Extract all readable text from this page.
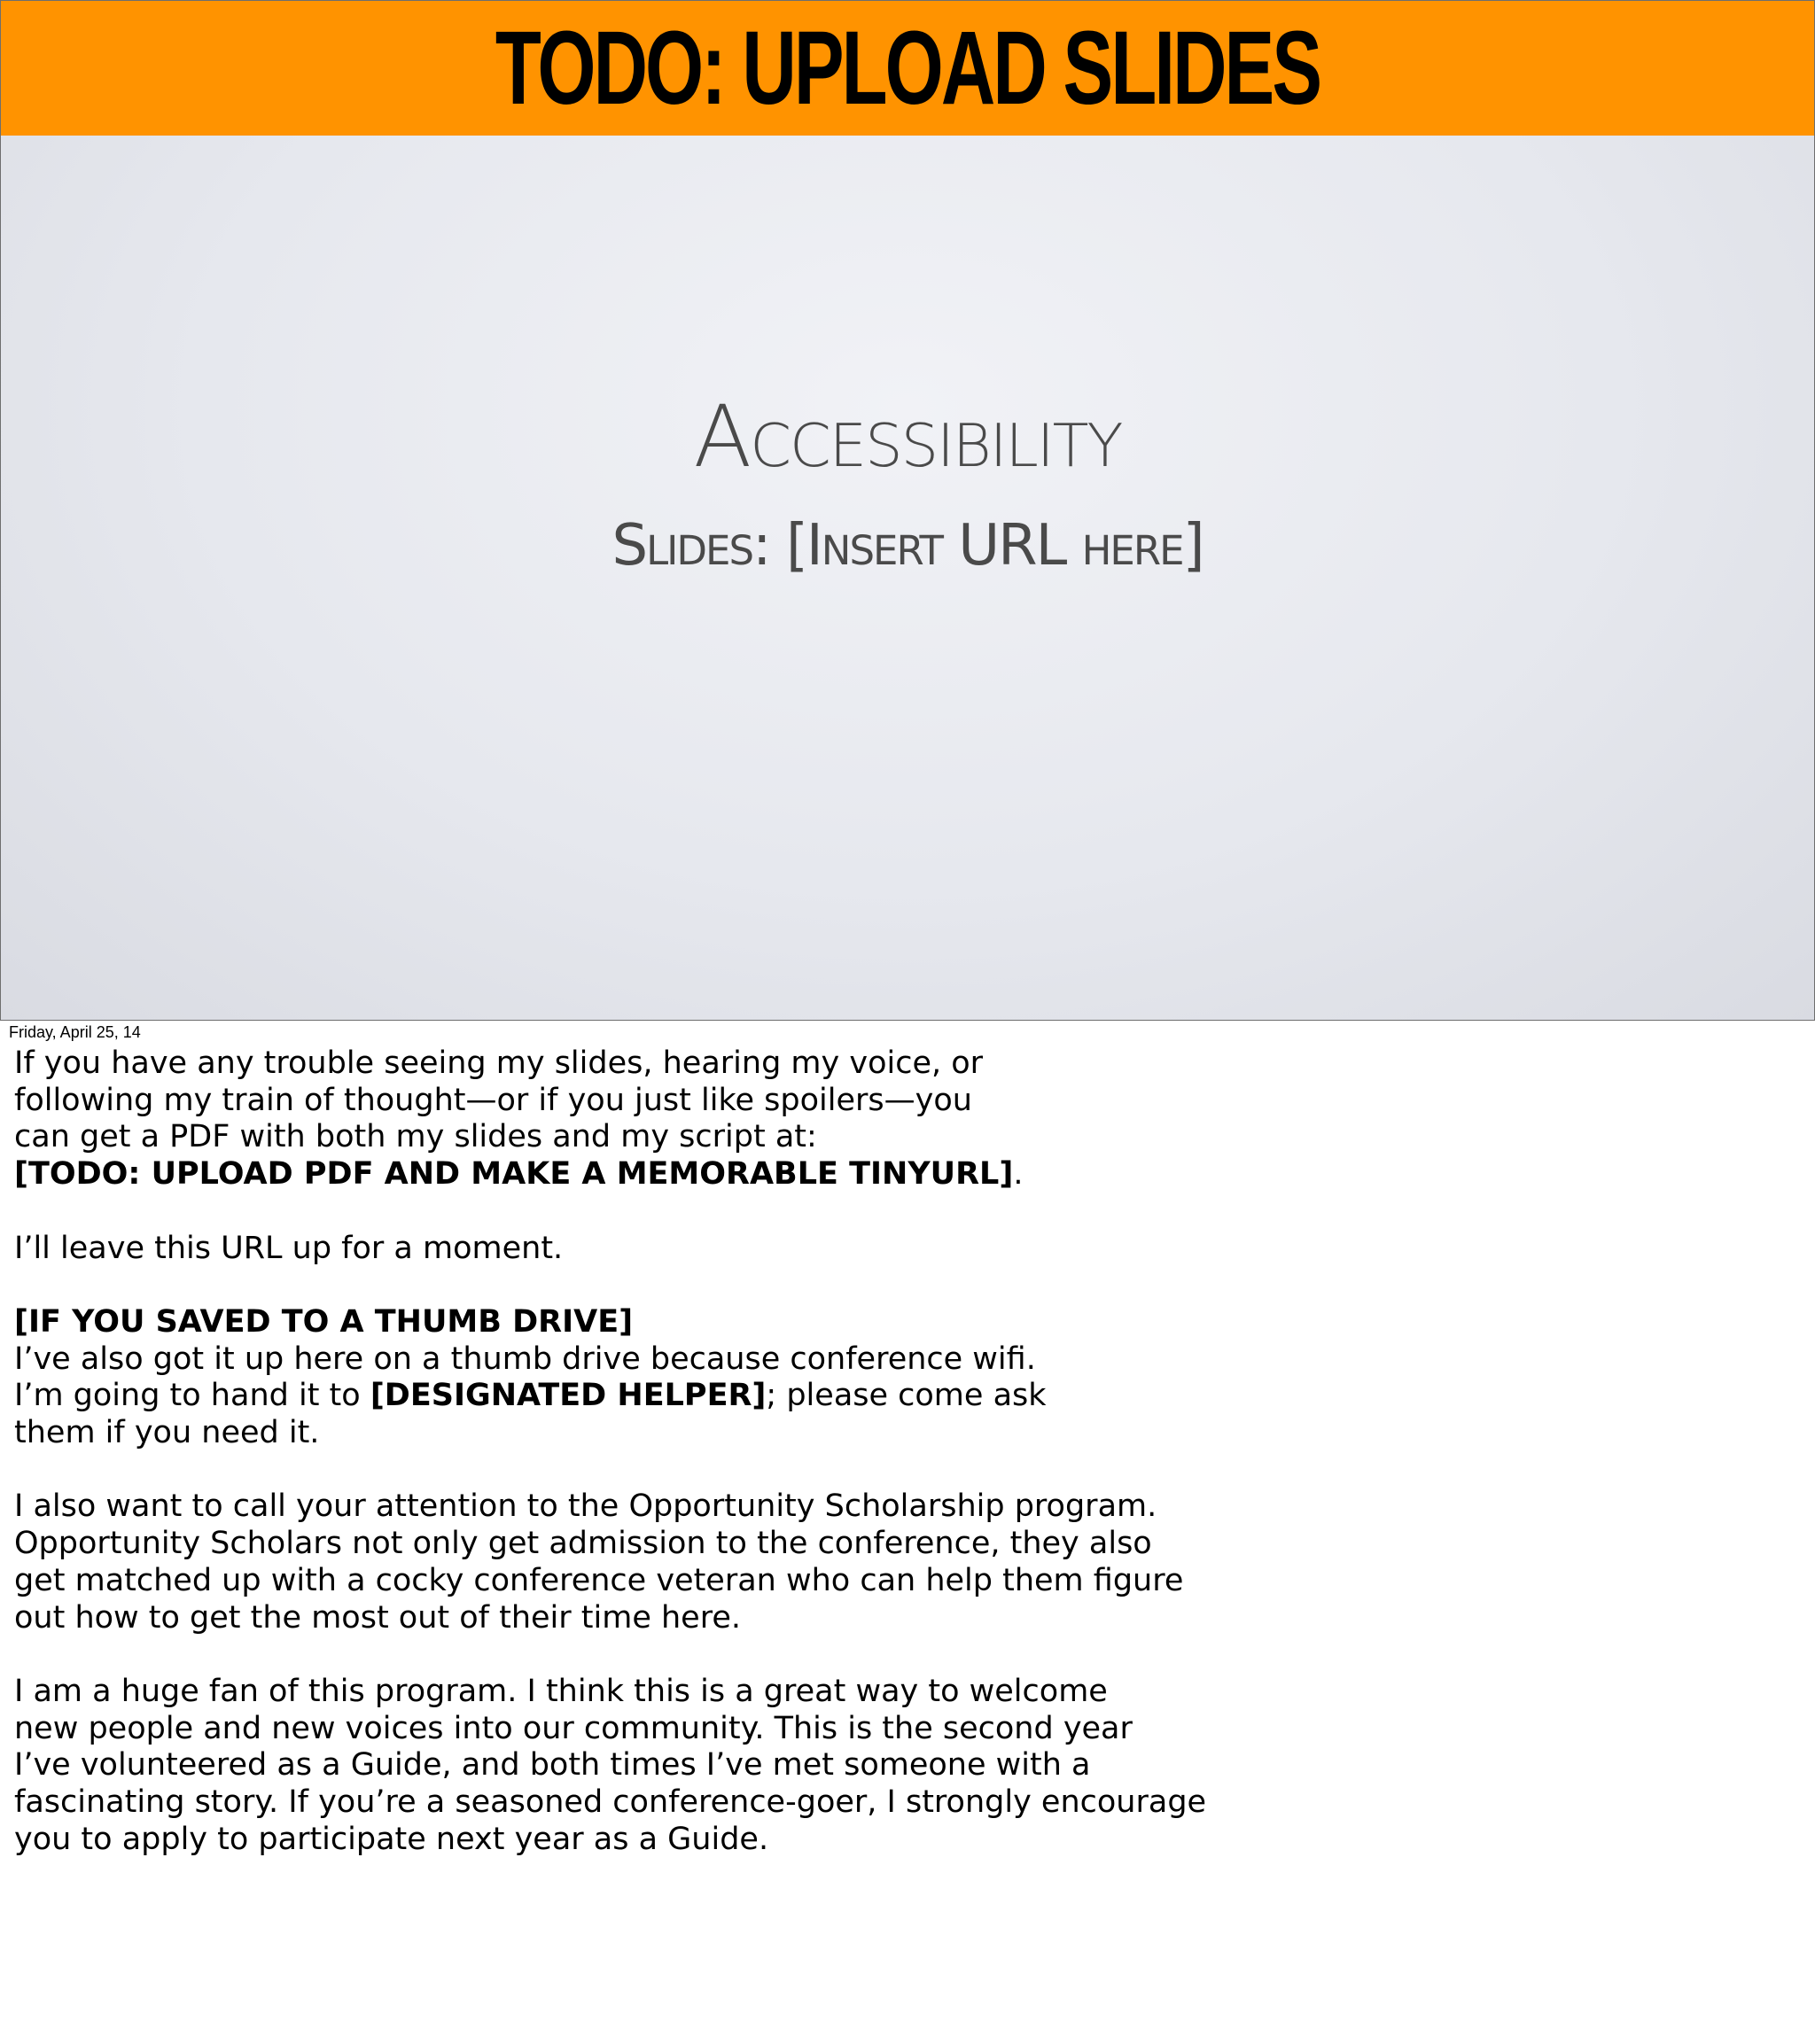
TODO: UPLOAD SLIDES
Accessibility
Slides: [Insert URL here]
Friday, April 25, 14

If you have any trouble seeing my slides, hearing my voice, or
following my train of thought—or if you just like spoilers—you
can get a PDF with both my slides and my script at:
[TODO: UPLOAD PDF AND MAKE A MEMORABLE TINYURL].

I’ll leave this URL up for a moment.

[IF YOU SAVED TO A THUMB DRIVE]
I’ve also got it up here on a thumb drive because conference wifi.
I’m going to hand it to [DESIGNATED HELPER]; please come ask
them if you need it.

I also want to call your attention to the Opportunity Scholarship program.
Opportunity Scholars not only get admission to the conference, they also
get matched up with a cocky conference veteran who can help them figure
out how to get the most out of their time here.

I am a huge fan of this program. I think this is a great way to welcome
new people and new voices into our community. This is the second year
I’ve volunteered as a Guide, and both times I’ve met someone with a
fascinating story. If you’re a seasoned conference-goer, I strongly encourage
you to apply to participate next year as a Guide.
